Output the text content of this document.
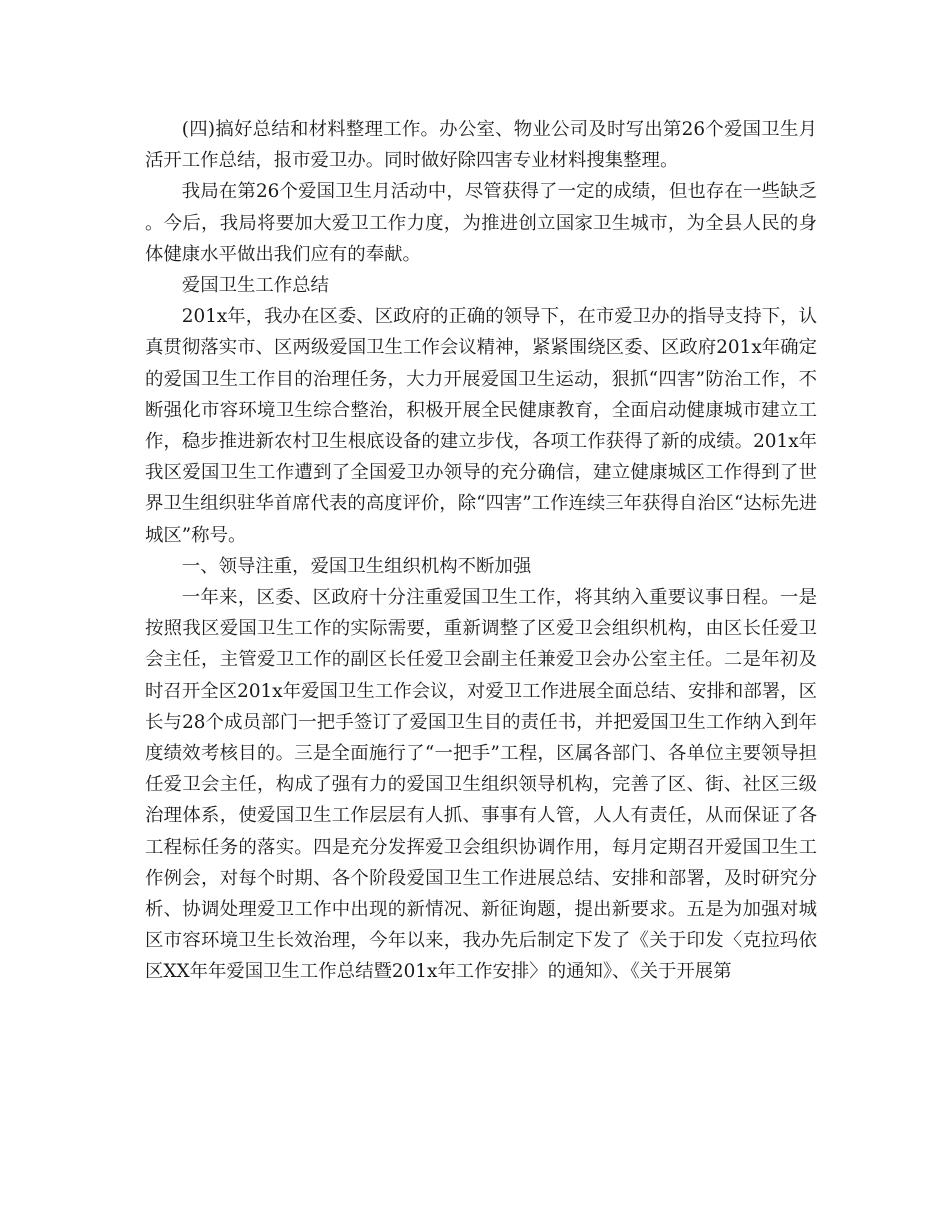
(四)搞好总结和材料整理工作。办公室、物业公司及时写出第26个爱国卫生月活开工作总结，报市爱卫办。同时做好除四害专业材料搜集整理。

我局在第26个爱国卫生月活动中，尽管获得了一定的成绩，但也存在一些缺乏。今后，我局将要加大爱卫工作力度，为推进创立国家卫生城市，为全县人民的身体健康水平做出我们应有的奉献。

爱国卫生工作总结

201x年，我办在区委、区政府的正确的领导下，在市爱卫办的指导支持下，认真贯彻落实市、区两级爱国卫生工作会议精神，紧紧围绕区委、区政府201x年确定的爱国卫生工作目的治理任务，大力开展爱国卫生运动，狠抓“四害”防治工作，不断强化市容环境卫生综合整治，积极开展全民健康教育，全面启动健康城市建立工作，稳步推进新农村卫生根底设备的建立步伐，各项工作获得了新的成绩。201x年我区爱国卫生工作遭到了全国爱卫办领导的充分确信，建立健康城区工作得到了世界卫生组织驻华首席代表的高度评价，除“四害”工作连续三年获得自治区“达标先进城区”称号。

一、领导注重，爱国卫生组织机构不断加强

一年来，区委、区政府十分注重爱国卫生工作，将其纳入重要议事日程。一是按照我区爱国卫生工作的实际需要，重新调整了区爱卫会组织机构，由区长任爱卫会主任，主管爱卫工作的副区长任爱卫会副主任兼爱卫会办公室主任。二是年初及时召开全区201x年爱国卫生工作会议，对爱卫工作进展全面总结、安排和部署，区长与28个成员部门一把手签订了爱国卫生目的责任书，并把爱国卫生工作纳入到年度绩效考核目的。三是全面施行了“一把手”工程，区属各部门、各单位主要领导担任爱卫会主任，构成了强有力的爱国卫生组织领导机构，完善了区、街、社区三级治理体系，使爱国卫生工作层层有人抓、事事有人管，人人有责任，从而保证了各工程标任务的落实。四是充分发挥爱卫会组织协调作用，每月定期召开爱国卫生工作例会，对每个时期、各个阶段爱国卫生工作进展总结、安排和部署，及时研究分析、协调处理爱卫工作中出现的新情况、新征询题，提出新要求。五是为加强对城区市容环境卫生长效治理，今年以来，我办先后制定下发了《关于印发〈克拉玛依区XX年年爱国卫生工作总结暨201x年工作安排〉的通知》、《关于开展第
